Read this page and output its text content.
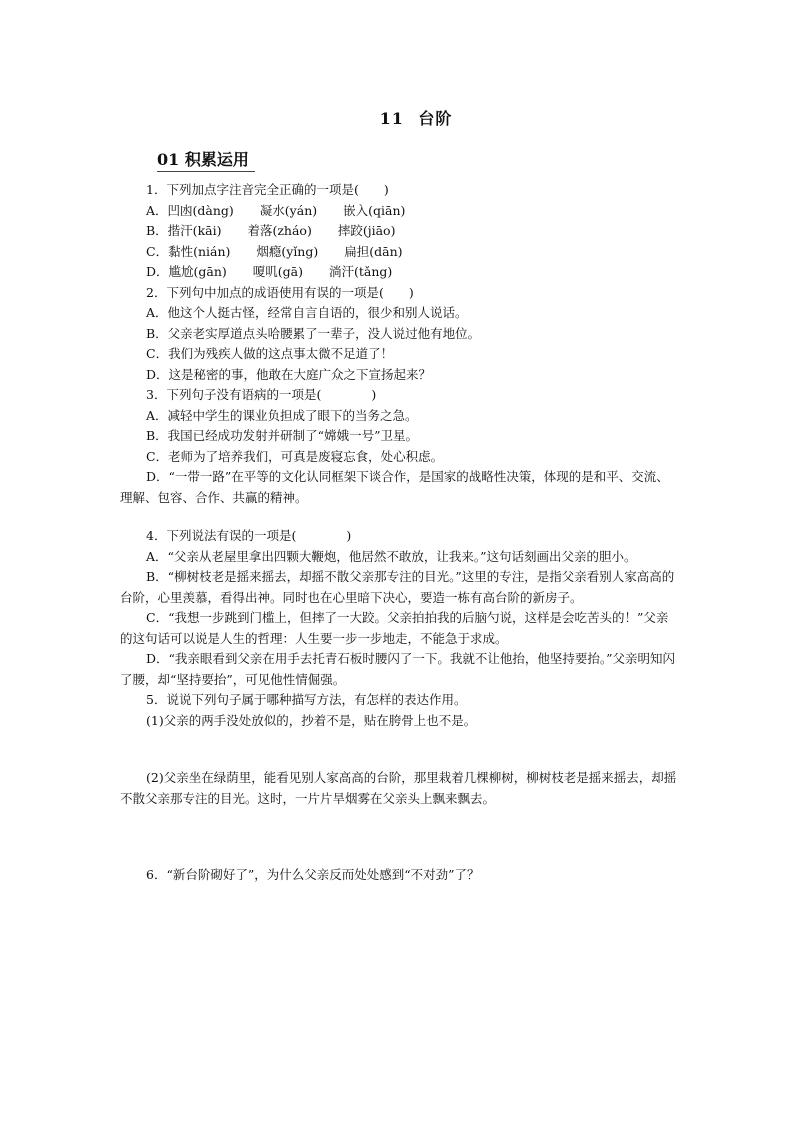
11 台阶
01 积累运用

1．下列加点字注音完全正确的一项是(　　)

A．凹凼(dàng) 凝水(yán) 嵌入(qiān)

B．揩汗(kāi) 着落(zháo) 摔跤(jiāo)

C．黏性(nián) 烟瘾(yǐng) 扁担(dān)

D．尴尬(gān) 嗄叽(gā) 淌汗(tǎng)

2．下列句中加点的成语使用有误的一项是(　　)

A．他这个人挺古怪，经常自言自语的，很少和别人说话。

B．父亲老实厚道点头哈腰累了一辈子，没人说过他有地位。

C．我们为残疾人做的这点事太微不足道了！

D．这是秘密的事，他敢在大庭广众之下宣扬起来？

3．下列句子没有语病的一项是(　　　　)

A．减轻中学生的课业负担成了眼下的当务之急。

B．我国已经成功发射并研制了“嫦娥一号”卫星。

C．老师为了培养我们，可真是废寝忘食，处心积虑。

D．“一带一路”在平等的文化认同框架下谈合作，是国家的战略性决策，体现的是和平、交流、理解、包容、合作、共赢的精神。

4．下列说法有误的一项是(　　　　)

A．“父亲从老屋里拿出四颗大鞭炮，他居然不敢放，让我来。”这句话刻画出父亲的胆小。

B．“柳树枝老是摇来摇去，却摇不散父亲那专注的目光。”这里的专注，是指父亲看别人家高高的台阶，心里羡慕，看得出神。同时也在心里暗下决心，要造一栋有高台阶的新房子。

C．“我想一步跳到门槛上，但摔了一大跤。父亲拍拍我的后脑勺说，这样是会吃苦头的！”父亲的这句话可以说是人生的哲理：人生要一步一步地走，不能急于求成。

D．“我亲眼看到父亲在用手去托青石板时腰闪了一下。我就不让他抬，他坚持要抬。”父亲明知闪了腰，却“坚持要抬”，可见他性情倔强。

5．说说下列句子属于哪种描写方法，有怎样的表达作用。

(1)父亲的两手没处放似的，抄着不是，贴在胯骨上也不是。

(2)父亲坐在绿荫里，能看见别人家高高的台阶，那里栽着几棵柳树，柳树枝老是摇来摇去，却摇不散父亲那专注的目光。这时，一片片旱烟雾在父亲头上飘来飘去。

6．“新台阶砌好了”，为什么父亲反而处处感到“不对劲”了？
